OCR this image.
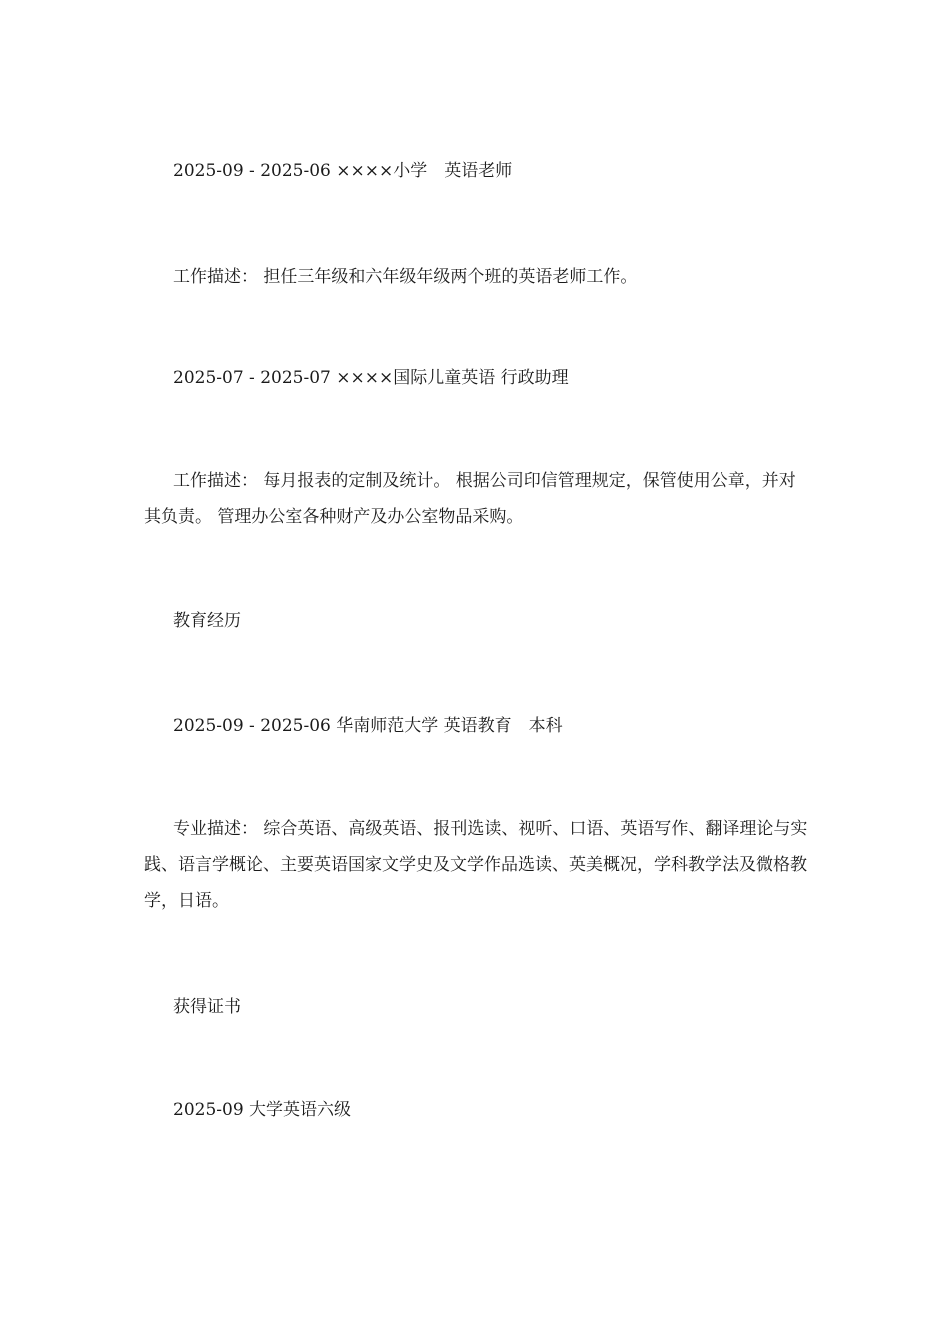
2025-09 - 2025-06 ××××小学　英语老师
工作描述： 担任三年级和六年级年级两个班的英语老师工作。
2025-07 - 2025-07 ××××国际儿童英语 行政助理
工作描述： 每月报表的定制及统计。 根据公司印信管理规定，保管使用公章，并对其负责。 管理办公室各种财产及办公室物品采购。
教育经历
2025-09 - 2025-06 华南师范大学 英语教育　本科
专业描述： 综合英语、高级英语、报刊选读、视听、口语、英语写作、翻译理论与实践、语言学概论、主要英语国家文学史及文学作品选读、英美概况，学科教学法及微格教学，日语。
获得证书
2025-09 大学英语六级
